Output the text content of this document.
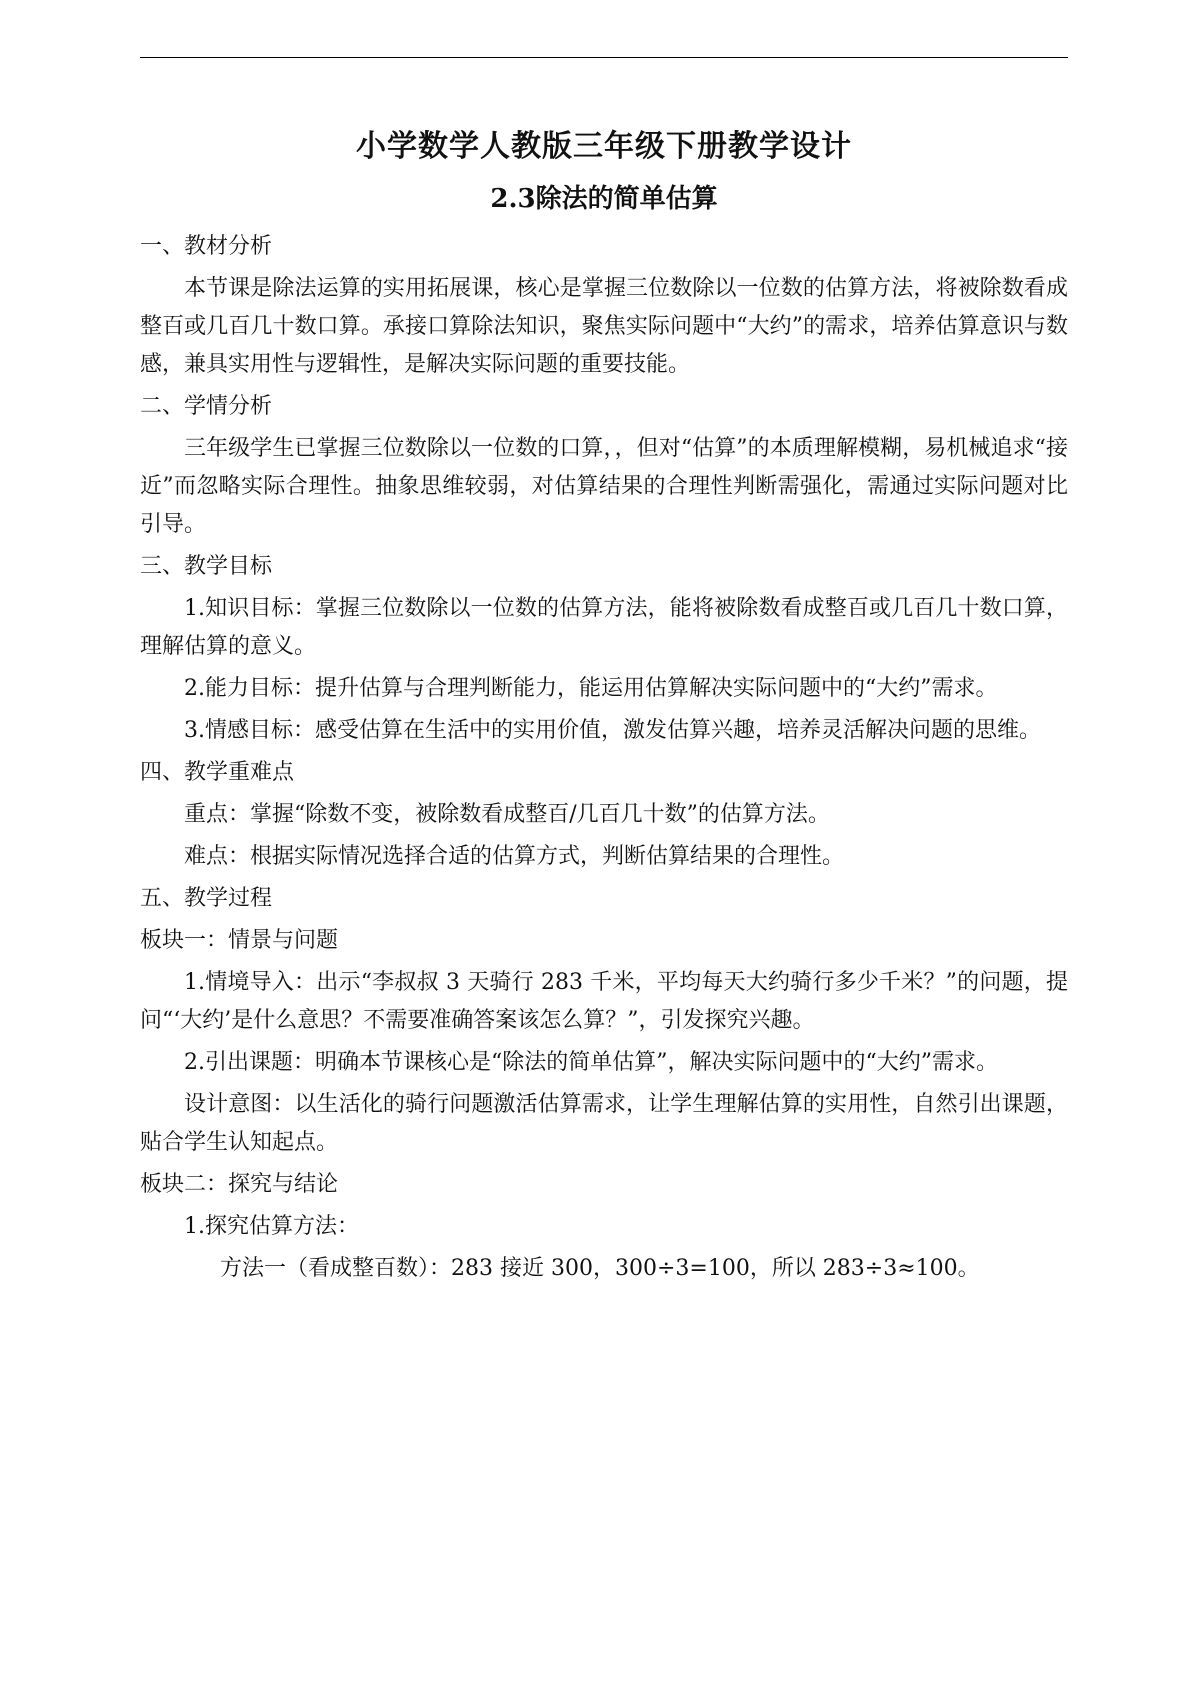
小学数学人教版三年级下册教学设计
2.3除法的简单估算

一、教材分析

本节课是除法运算的实用拓展课，核心是掌握三位数除以一位数的估算方法，将被除数看成整百或几百几十数口算。承接口算除法知识，聚焦实际问题中“大约”的需求，培养估算意识与数感，兼具实用性与逻辑性，是解决实际问题的重要技能。

二、学情分析

三年级学生已掌握三位数除以一位数的口算，，但对“估算”的本质理解模糊，易机械追求“接近”而忽略实际合理性。抽象思维较弱，对估算结果的合理性判断需强化，需通过实际问题对比引导。

三、教学目标

1.知识目标：掌握三位数除以一位数的估算方法，能将被除数看成整百或几百几十数口算，理解估算的意义。

2.能力目标：提升估算与合理判断能力，能运用估算解决实际问题中的“大约”需求。

3.情感目标：感受估算在生活中的实用价值，激发估算兴趣，培养灵活解决问题的思维。

四、教学重难点

重点：掌握“除数不变，被除数看成整百/几百几十数”的估算方法。

难点：根据实际情况选择合适的估算方式，判断估算结果的合理性。

五、教学过程

板块一：情景与问题

1.情境导入：出示“李叔叔 3 天骑行 283 千米，平均每天大约骑行多少千米？”的问题，提问“‘大约’是什么意思？不需要准确答案该怎么算？”，引发探究兴趣。

2.引出课题：明确本节课核心是“除法的简单估算”，解决实际问题中的“大约”需求。

设计意图：以生活化的骑行问题激活估算需求，让学生理解估算的实用性，自然引出课题，贴合学生认知起点。

板块二：探究与结论

1.探究估算方法：

方法一（看成整百数）：283 接近 300，300÷3=100，所以 283÷3≈100。
